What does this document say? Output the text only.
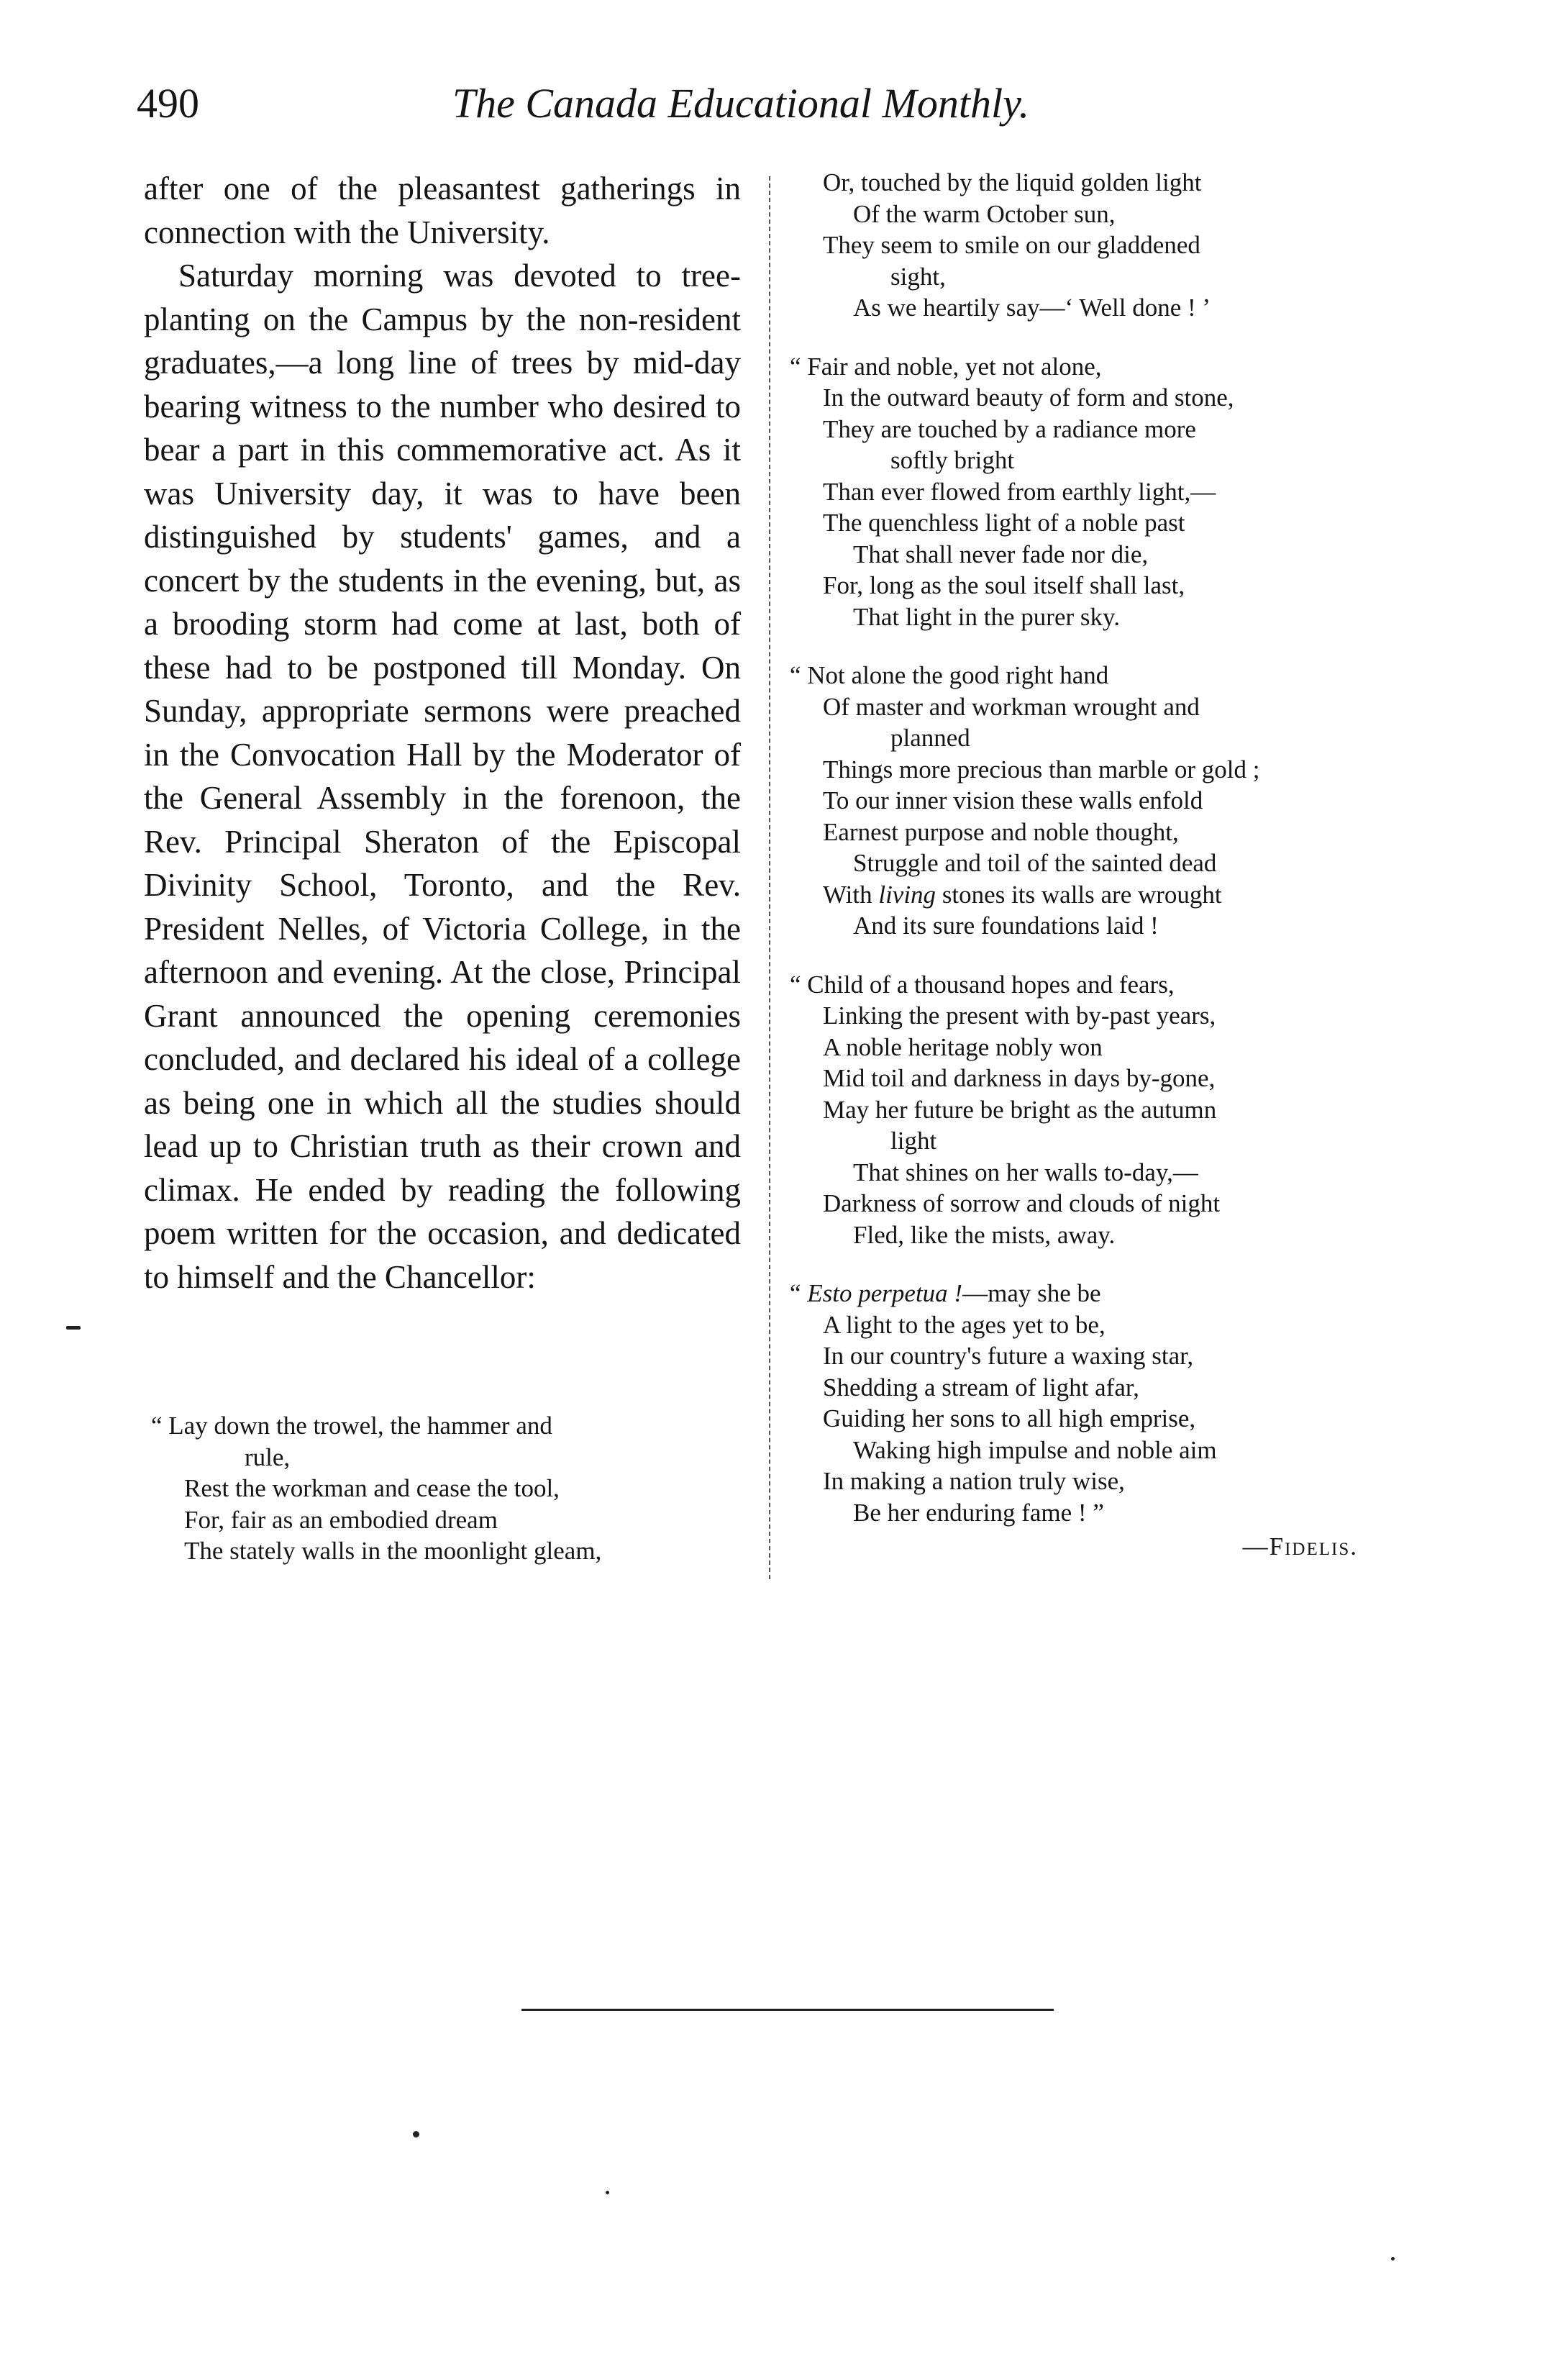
490	The Canada Educational Monthly.

after one of the pleasantest gatherings in connection with the University.

Saturday morning was devoted to tree-planting on the Campus by the non-resident graduates,—a long line of trees by mid-day bearing witness to the number who desired to bear a part in this commemorative act. As it was University day, it was to have been distinguished by students' games, and a concert by the students in the evening, but, as a brooding storm had come at last, both of these had to be postponed till Monday. On Sunday, appropriate sermons were preached in the Convocation Hall by the Moderator of the General Assembly in the forenoon, the Rev. Principal Sheraton of the Episcopal Divinity School, Toronto, and the Rev. President Nelles, of Victoria College, in the afternoon and evening. At the close, Principal Grant announced the opening ceremonies concluded, and declared his ideal of a college as being one in which all the studies should lead up to Christian truth as their crown and climax. He ended by reading the following poem written for the occasion, and dedicated to himself and the Chancellor:

“ Lay down the trowel, the hammer and
rule,
Rest the workman and cease the tool,
For, fair as an embodied dream
The stately walls in the moonlight gleam,
Or, touched by the liquid golden light
Of the warm October sun,
They seem to smile on our gladdened
sight,
As we heartily say—‘ Well done ! ’
“ Fair and noble, yet not alone,
In the outward beauty of form and stone,
They are touched by a radiance more
softly bright
Than ever flowed from earthly light,—
The quenchless light of a noble past
That shall never fade nor die,
For, long as the soul itself shall last,
That light in the purer sky.
“ Not alone the good right hand
Of master and workman wrought and
planned
Things more precious than marble or gold ;
To our inner vision these walls enfold
Earnest purpose and noble thought,
Struggle and toil of the sainted dead
With living stones its walls are wrought
And its sure foundations laid !
“ Child of a thousand hopes and fears,
Linking the present with by-past years,
A noble heritage nobly won
Mid toil and darkness in days by-gone,
May her future be bright as the autumn
light
That shines on her walls to-day,—
Darkness of sorrow and clouds of night
Fled, like the mists, away.
“ Esto perpetua !—may she be
A light to the ages yet to be,
In our country's future a waxing star,
Shedding a stream of light afar,
Guiding her sons to all high emprise,
Waking high impulse and noble aim
In making a nation truly wise,
Be her enduring fame ! ”
—Fidelis.
